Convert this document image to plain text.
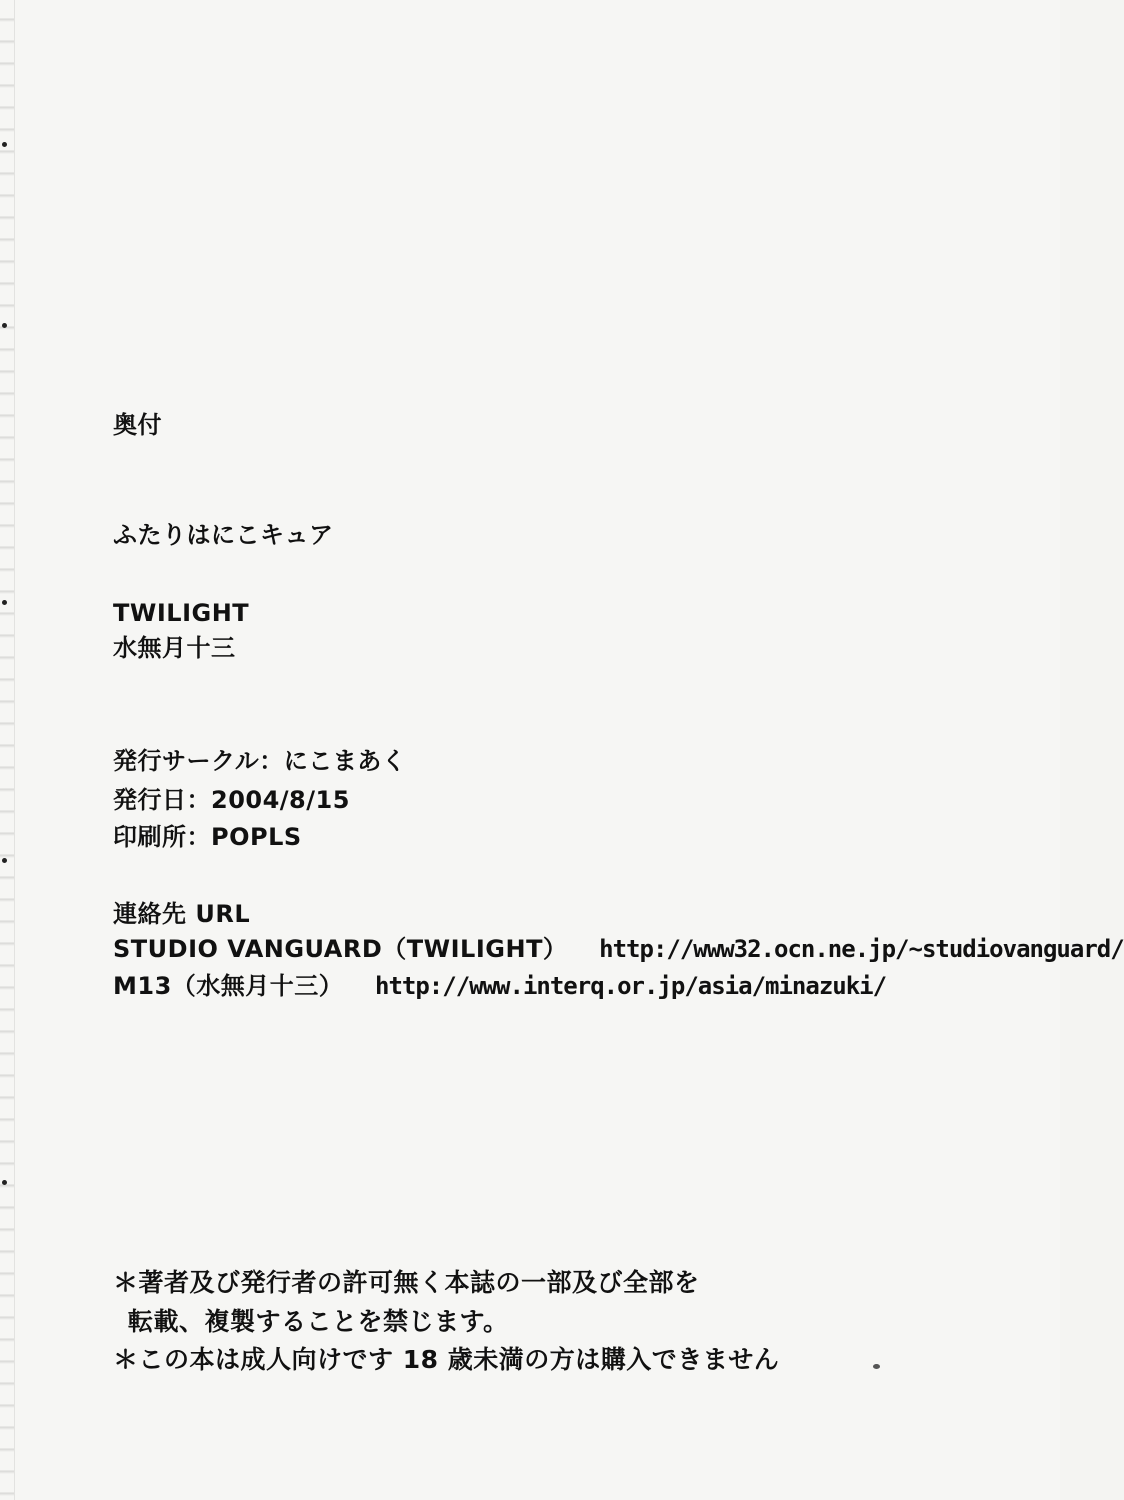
奥付
ふたりはにこキュア
TWILIGHT
水無月十三
発行サークル：にこまあく
発行日：2004/8/15
印刷所：POPLS
連絡先 URL
STUDIO VANGUARD（TWILIGHT） http://www32.ocn.ne.jp/~studiovanguard/
M13（水無月十三） http://www.interq.or.jp/asia/minazuki/
＊著者及び発行者の許可無く本誌の一部及び全部を
転載、複製することを禁じます。
＊この本は成人向けです 18 歳未満の方は購入できません
